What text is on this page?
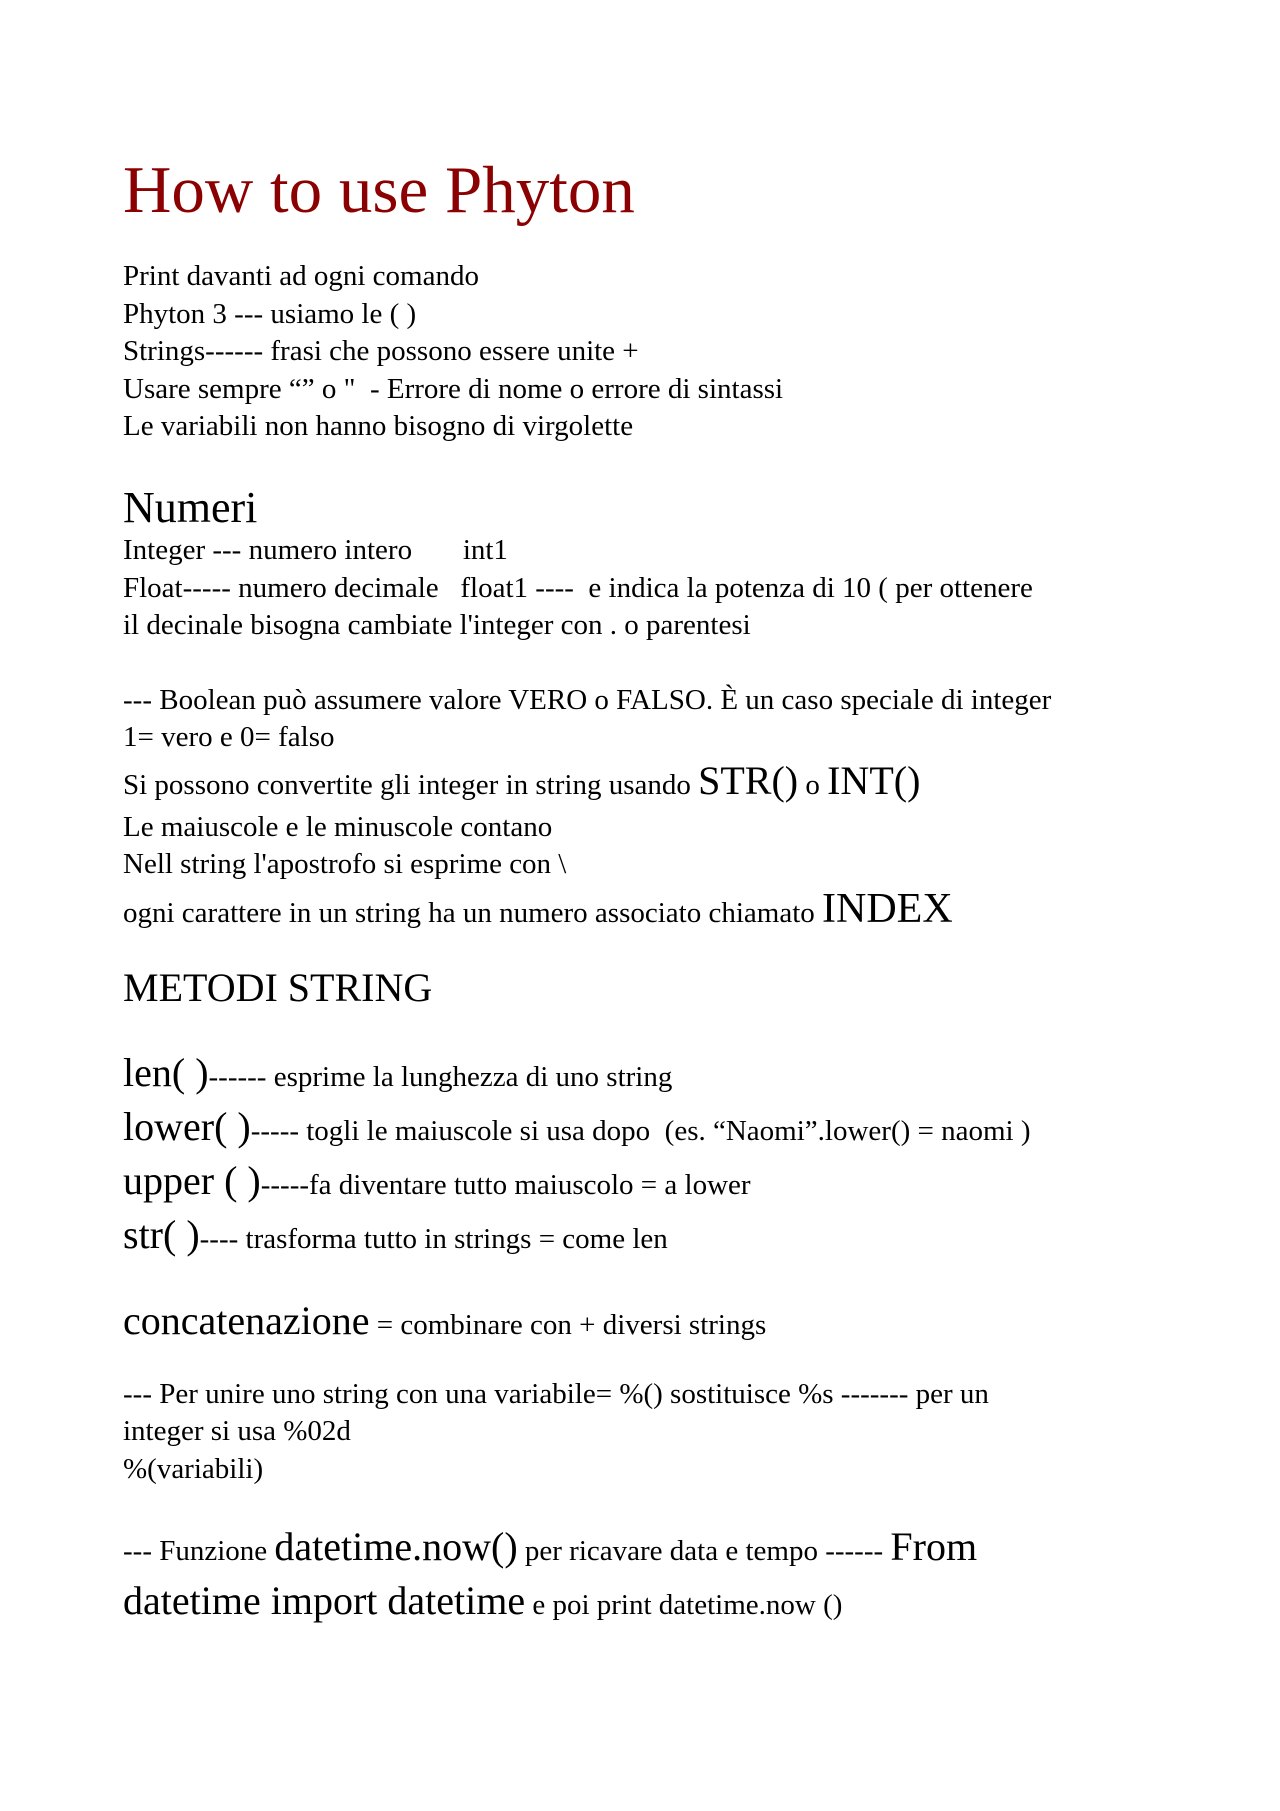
How to use Phyton

Print davanti ad ogni comando

Phyton 3 --- usiamo le ( )

Strings------ frasi che possono essere unite +

Usare sempre “” o "  - Errore di nome o errore di sintassi

Le variabili non hanno bisogno di virgolette

Numeri

Integer --- numero intero       int1

Float----- numero decimale   float1 ----  e indica la potenza di 10 ( per ottenere

il decinale bisogna cambiate l'integer con . o parentesi

--- Boolean può assumere valore VERO o FALSO. È un caso speciale di integer

1= vero e 0= falso

Si possono convertite gli integer in string usando STR() o INT()

Le maiuscole e le minuscole contano

Nell string l'apostrofo si esprime con \

ogni carattere in un string ha un numero associato chiamato INDEX

METODI STRING

len( )------ esprime la lunghezza di uno string

lower( )----- togli le maiuscole si usa dopo  (es. “Naomi”.lower() = naomi )

upper ( )-----fa diventare tutto maiuscolo = a lower

str( )---- trasforma tutto in strings = come len

concatenazione = combinare con + diversi strings

--- Per unire uno string con una variabile= %() sostituisce %s ------- per un

integer si usa %02d

%(variabili)

--- Funzione datetime.now() per ricavare data e tempo ------ From

datetime import datetime e poi print datetime.now ()
